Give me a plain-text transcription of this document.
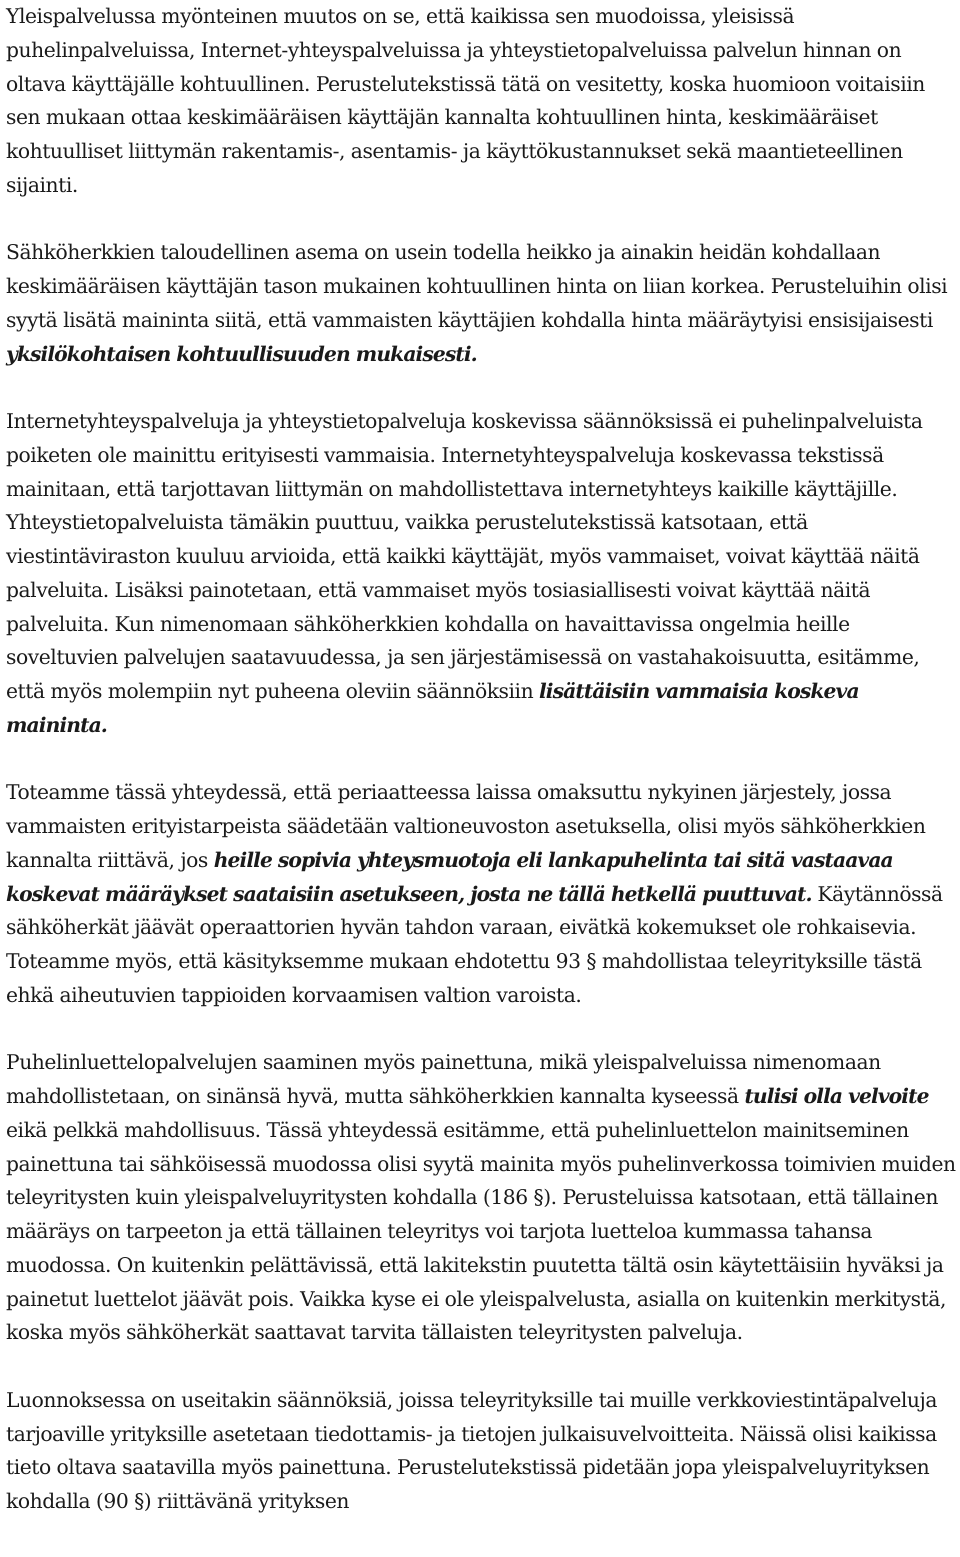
Yleispalvelussa myönteinen muutos on se, että kaikissa sen muodoissa, yleisissä puhelinpalveluissa, Internet-yhteyspalveluissa ja yhteystietopalveluissa palvelun hinnan on oltava käyttäjälle kohtuullinen. Perustelutekstissä tätä on vesitetty, koska huomioon voitaisiin sen mukaan ottaa keskimääräisen käyttäjän kannalta kohtuullinen hinta, keskimääräiset kohtuulliset liittymän rakentamis-, asentamis- ja käyttökustannukset sekä maantieteellinen sijainti.

Sähköherkkien taloudellinen asema on usein todella heikko ja ainakin heidän kohdallaan keskimääräisen käyttäjän tason mukainen kohtuullinen hinta on liian korkea. Perusteluihin olisi syytä lisätä maininta siitä, että vammaisten käyttäjien kohdalla hinta määräytyisi ensisijaisesti yksilökohtaisen kohtuullisuuden mukaisesti.

Internetyhteyspalveluja ja yhteystietopalveluja koskevissa säännöksissä ei puhelinpalveluista poiketen ole mainittu erityisesti vammaisia. Internetyhteyspalveluja koskevassa tekstissä mainitaan, että tarjottavan liittymän on mahdollistettava internetyhteys kaikille käyttäjille. Yhteystietopalveluista tämäkin puuttuu, vaikka perustelutekstissä katsotaan, että viestintäviraston kuuluu arvioida, että kaikki käyttäjät, myös vammaiset, voivat käyttää näitä palveluita. Lisäksi painotetaan, että vammaiset myös tosiasiallisesti voivat käyttää näitä palveluita. Kun nimenomaan sähköherkkien kohdalla on havaittavissa ongelmia heille soveltuvien palvelujen saatavuudessa, ja sen järjestämisessä on vastahakoisuutta, esitämme, että myös molempiin nyt puheena oleviin säännöksiin lisättäisiin vammaisia koskeva maininta.

Toteamme tässä yhteydessä, että periaatteessa laissa omaksuttu nykyinen järjestely, jossa vammaisten erityistarpeista säädetään valtioneuvoston asetuksella, olisi myös sähköherkkien kannalta riittävä, jos heille sopivia yhteysmuotoja eli lankapuhelinta tai sitä vastaavaa koskevat määräykset saataisiin asetukseen, josta ne tällä hetkellä puuttuvat. Käytännössä sähköherkät jäävät operaattorien hyvän tahdon varaan, eivätkä kokemukset ole rohkaisevia. Toteamme myös, että käsityksemme mukaan ehdotettu 93 § mahdollistaa teleyrityksille tästä ehkä aiheutuvien tappioiden korvaamisen valtion varoista.

Puhelinluettelopalvelujen saaminen myös painettuna, mikä yleispalveluissa nimenomaan mahdollistetaan, on sinänsä hyvä, mutta sähköherkkien kannalta kyseessä tulisi olla velvoite eikä pelkkä mahdollisuus. Tässä yhteydessä esitämme, että puhelinluettelon mainitseminen painettuna tai sähköisessä muodossa olisi syytä mainita myös puhelinverkossa toimivien muiden teleyritysten kuin yleispalveluyritysten kohdalla (186 §). Perusteluissa katsotaan, että tällainen määräys on tarpeeton ja että tällainen teleyritys voi tarjota luetteloa kummassa tahansa muodossa. On kuitenkin pelättävissä, että lakitekstin puutetta tältä osin käytettäisiin hyväksi ja painetut luettelot jäävät pois. Vaikka kyse ei ole yleispalvelusta, asialla on kuitenkin merkitystä, koska myös sähköherkät saattavat tarvita tällaisten teleyritysten palveluja.

Luonnoksessa on useitakin säännöksiä, joissa teleyrityksille tai muille verkkoviestintäpalveluja tarjoaville yrityksille asetetaan tiedottamis- ja tietojen julkaisuvelvoitteita. Näissä olisi kaikissa tieto oltava saatavilla myös painettuna. Perustelutekstissä pidetään jopa yleispalveluyrityksen kohdalla (90 §) riittävänä yrityksen
